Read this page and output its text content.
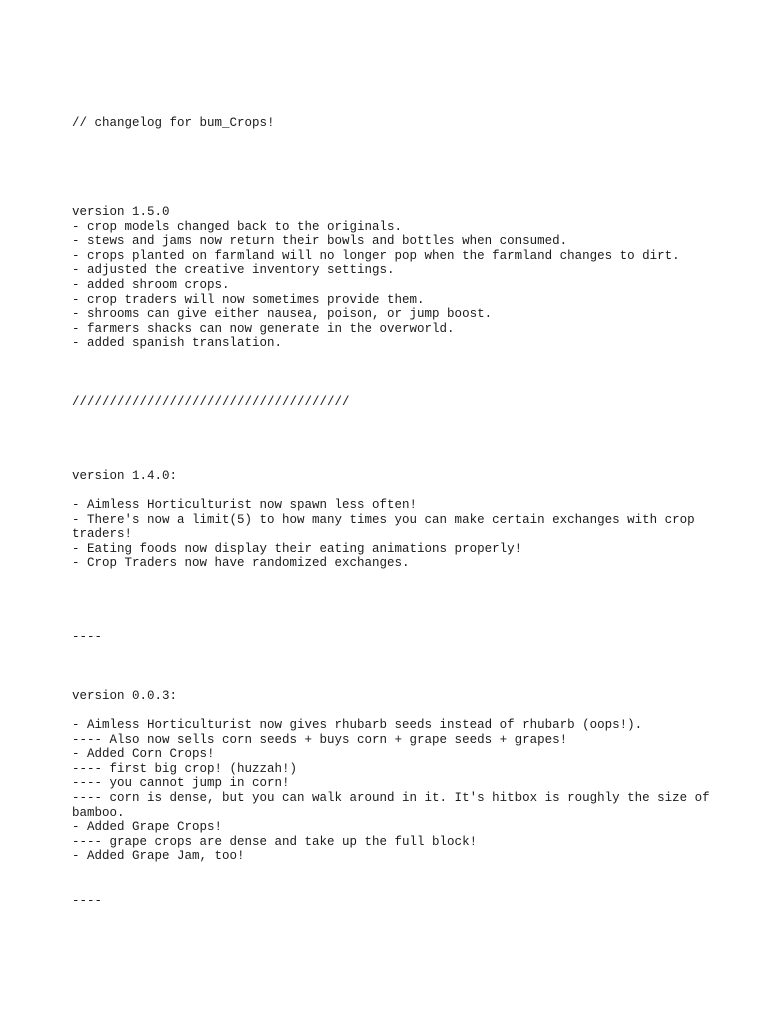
// changelog for bum_Crops!

version 1.5.0

- crop models changed back to the originals.

- stews and jams now return their bowls and bottles when consumed.

- crops planted on farmland will no longer pop when the farmland changes to dirt.

- adjusted the creative inventory settings.

- added shroom crops.

- crop traders will now sometimes provide them.

- shrooms can give either nausea, poison, or jump boost.

- farmers shacks can now generate in the overworld.

- added spanish translation.

/////////////////////////////////////

version 1.4.0:

- Aimless Horticulturist now spawn less often!

- There's now a limit(5) to how many times you can make certain exchanges with crop traders!

- Eating foods now display their eating animations properly!

- Crop Traders now have randomized exchanges.

----

version 0.0.3:

- Aimless Horticulturist now gives rhubarb seeds instead of rhubarb (oops!).

---- Also now sells corn seeds + buys corn + grape seeds + grapes!

- Added Corn Crops!

---- first big crop! (huzzah!)

---- you cannot jump in corn!

---- corn is dense, but you can walk around in it. It's hitbox is roughly the size of bamboo.

- Added Grape Crops!

---- grape crops are dense and take up the full block!

- Added Grape Jam, too!

----
